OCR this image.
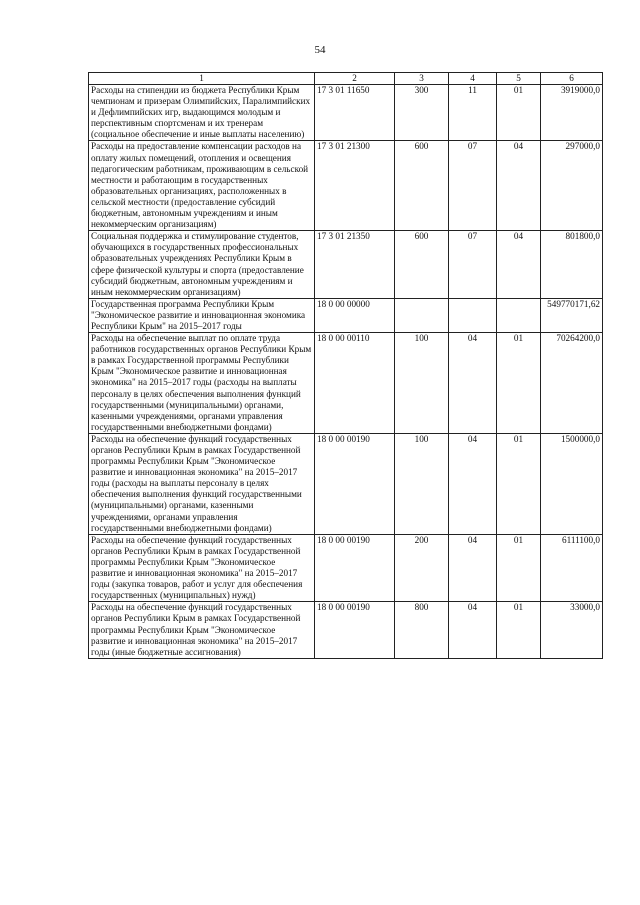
54
1	2	3	4	5	6
Расходы на стипендии из бюджета Республики Крым чемпионам и призерам Олимпийских, Паралимпийских и Дефлимпийских игр, выдающимся молодым и перспективным спортсменам и их тренерам (социальное обеспечение и иные выплаты населению)	17 3 01 11650	300	11	01	3919000,0
Расходы на предоставление компенсации расходов на оплату жилых помещений, отопления и освещения педагогическим работникам, проживающим в сельской местности и работающим в государственных образовательных организациях, расположенных в сельской местности (предоставление субсидий бюджетным, автономным учреждениям и иным некоммерческим организациям)	17 3 01 21300	600	07	04	297000,0
Социальная поддержка и стимулирование студентов, обучающихся в государственных профессиональных образовательных учреждениях Республики Крым в сфере физической культуры и спорта (предоставление субсидий бюджетным, автономным учреждениям и иным некоммерческим организациям)	17 3 01 21350	600	07	04	801800,0
Государственная программа Республики Крым "Экономическое развитие и инновационная экономика Республики Крым" на 2015–2017 годы	18 0 00 00000				549770171,62
Расходы на обеспечение выплат по оплате труда работников государственных органов Республики Крым в рамках Государственной программы Республики Крым "Экономическое развитие и инновационная экономика" на 2015–2017 годы (расходы на выплаты персоналу в целях обеспечения выполнения функций государственными (муниципальными) органами, казенными учреждениями, органами управления государственными внебюджетными фондами)	18 0 00 00110	100	04	01	70264200,0
Расходы на обеспечение функций государственных органов Республики Крым в рамках Государственной программы Республики Крым "Экономическое развитие и инновационная экономика" на 2015–2017 годы (расходы на выплаты персоналу в целях обеспечения выполнения функций государственными (муниципальными) органами, казенными учреждениями, органами управления государственными внебюджетными фондами)	18 0 00 00190	100	04	01	1500000,0
Расходы на обеспечение функций государственных органов Республики Крым в рамках Государственной программы Республики Крым "Экономическое развитие и инновационная экономика" на 2015–2017 годы (закупка товаров, работ и услуг для обеспечения государственных (муниципальных) нужд)	18 0 00 00190	200	04	01	6111100,0
Расходы на обеспечение функций государственных органов Республики Крым в рамках Государственной программы Республики Крым "Экономическое развитие и инновационная экономика" на 2015–2017 годы (иные бюджетные ассигнования)	18 0 00 00190	800	04	01	33000,0
